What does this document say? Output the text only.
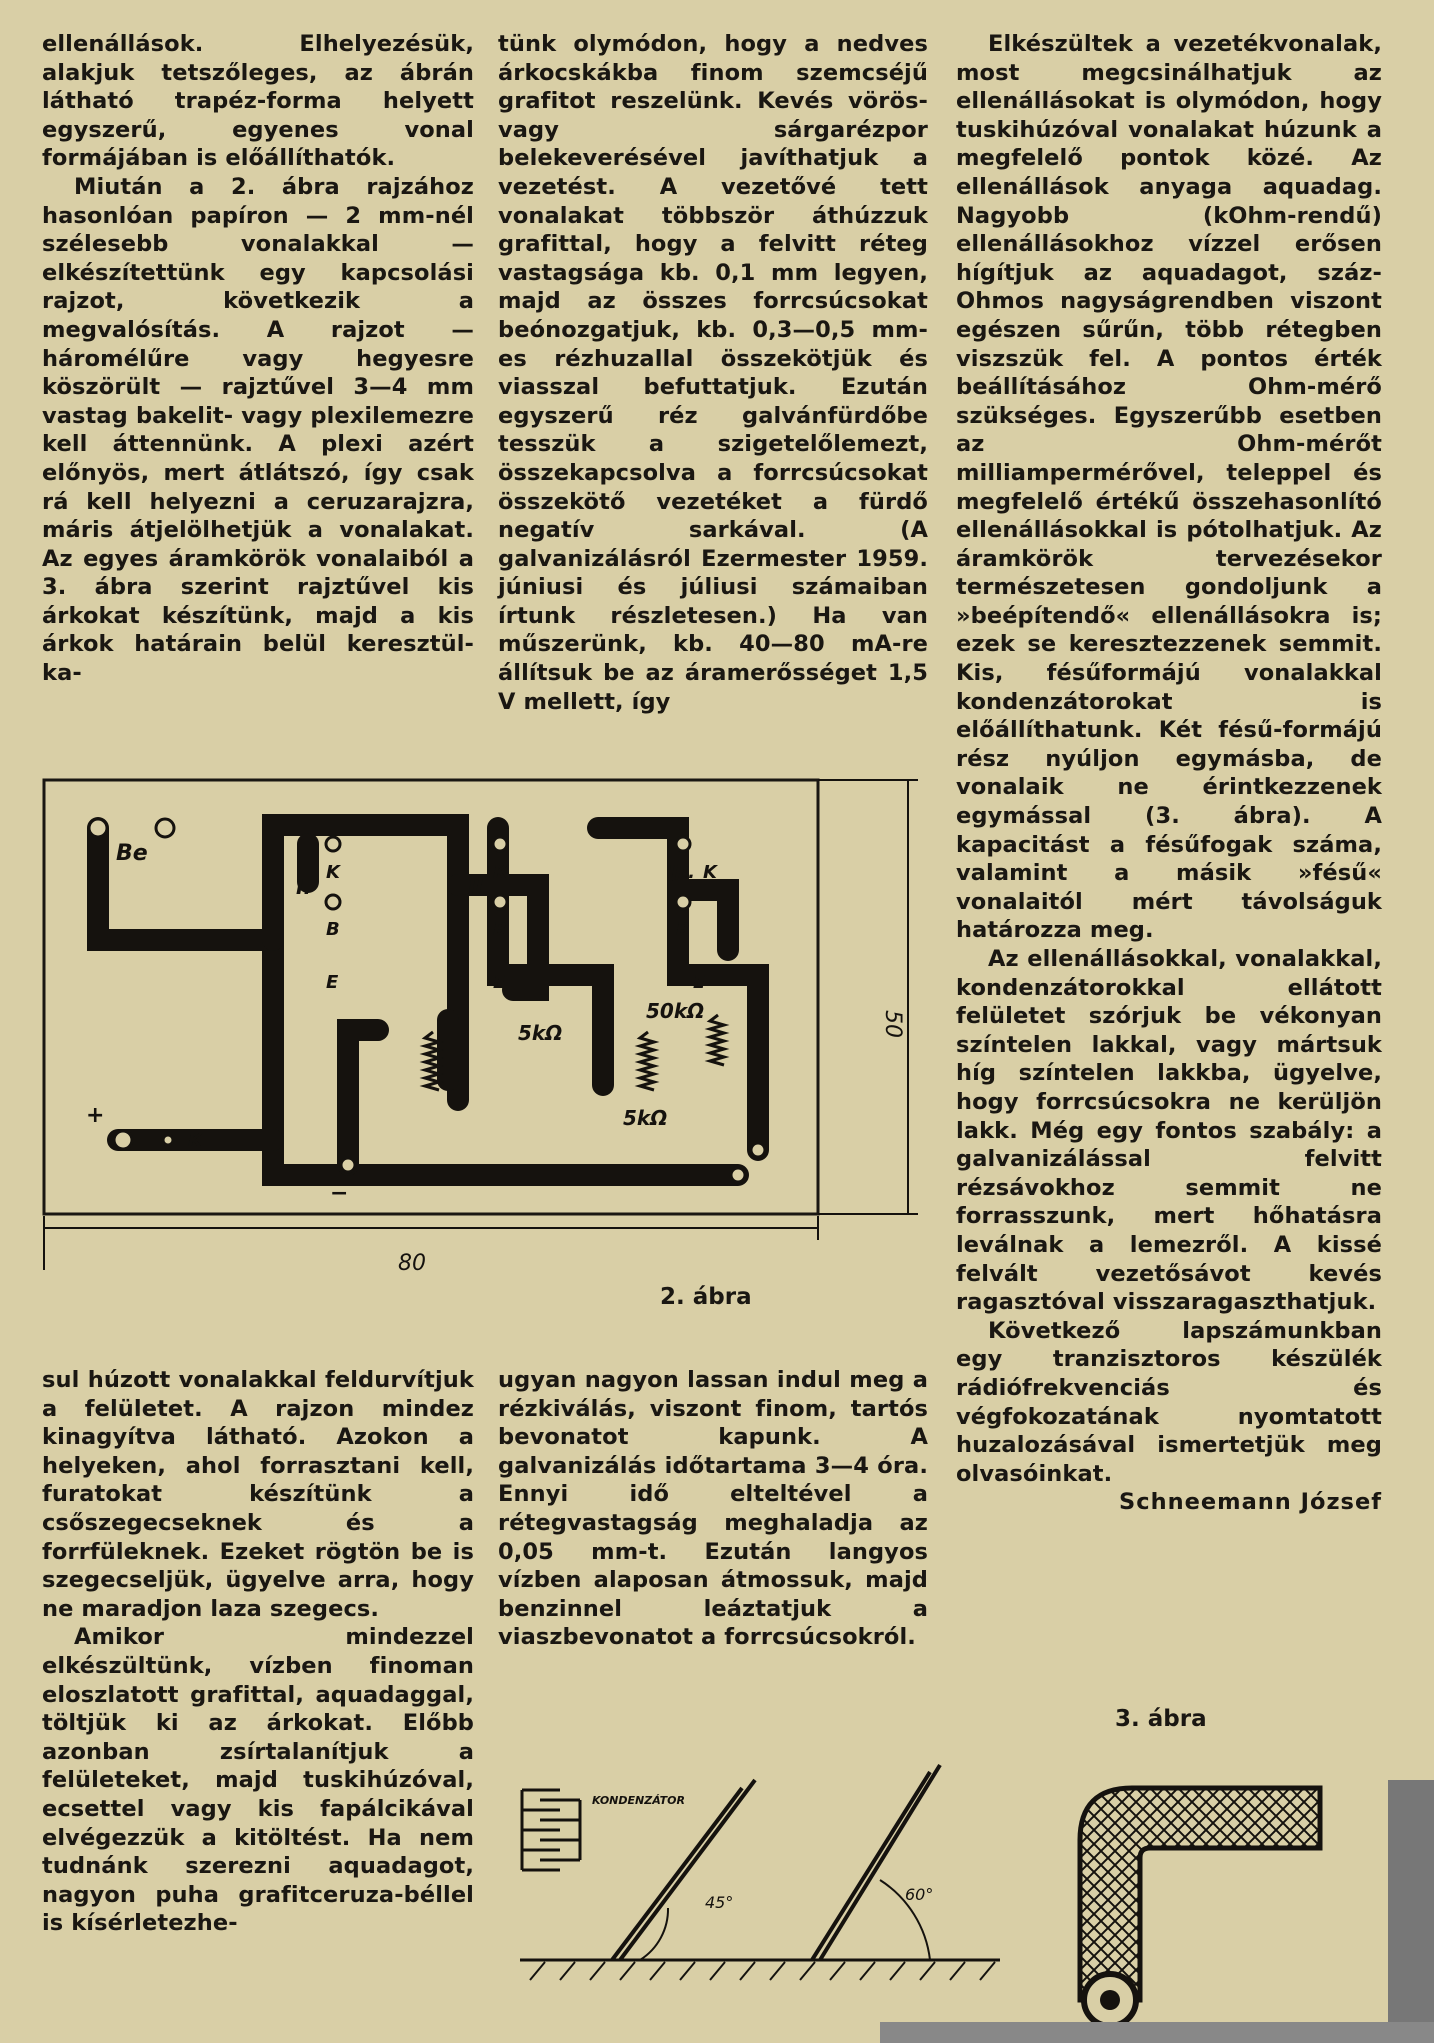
ellenállások. Elhelyezésük, alakjuk tetszőleges, az ábrán látható trapéz-forma helyett egyszerű, egyenes vonal formájában is előállíthatók.

Miután a 2. ábra rajzához hasonlóan papíron — 2 mm-nél szélesebb vonalakkal — elkészítettünk egy kapcsolási rajzot, következik a megvalósítás. A rajzot — háromélűre vagy hegyesre köszörült — rajztűvel 3—4 mm vastag bakelit- vagy plexilemezre kell áttennünk. A plexi azért előnyös, mert átlátszó, így csak rá kell helyezni a ceruzarajzra, máris átjelölhetjük a vonalakat. Az egyes áramkörök vonalaiból a 3. ábra szerint rajztűvel kis árkokat készítünk, majd a kis árkok határain belül keresztül-ka-

tünk olymódon, hogy a nedves árkocskákba finom szemcséjű grafitot reszelünk. Kevés vörös- vagy sárgarézpor belekeverésével javíthatjuk a vezetést. A vezetővé tett vonalakat többször áthúzzuk grafittal, hogy a felvitt réteg vastagsága kb. 0,1 mm legyen, majd az összes forrcsúcsokat beónozgatjuk, kb. 0,3—0,5 mm-es rézhuzallal összekötjük és viasszal befuttatjuk. Ezután egyszerű réz galvánfürdőbe tesszük a szigetelőlemezt, összekapcsolva a forrcsúcsokat összekötő vezetéket a fürdő negatív sarkával. (A galvanizálásról Ezermester 1959. júniusi és júliusi számaiban írtunk részletesen.) Ha van műszerünk, kb. 40—80 mA-re állítsuk be az áramerősséget 1,5 V mellett, így

Elkészültek a vezetékvonalak, most megcsinálhatjuk az ellenállásokat is olymódon, hogy tuskihúzóval vonalakat húzunk a megfelelő pontok közé. Az ellenállások anyaga aquadag. Nagyobb (kOhm-rendű) ellenállásokhoz vízzel erősen hígítjuk az aquadagot, száz-Ohmos nagyságrendben viszont egészen sűrűn, több rétegben viszszük fel. A pontos érték beállításához Ohm-mérő szükséges. Egyszerűbb esetben az Ohm-mérőt milliampermérővel, teleppel és megfelelő értékű összehasonlító ellenállásokkal is pótolhatjuk. Az áramkörök tervezésekor természetesen gondoljunk a »beépítendő« ellenállásokra is; ezek se keresztezzenek semmit. Kis, fésűformájú vonalakkal kondenzátorokat is előállíthatunk. Két fésű-formájú rész nyúljon egymásba, de vonalaik ne érintkezzenek egymással (3. ábra). A kapacitást a fésűfogak száma, valamint a másik »fésű« vonalaitól mért távolságuk határozza meg.

Az ellenállásokkal, vonalakkal, kondenzátorokkal ellátott felületet szórjuk be vékonyan színtelen lakkal, vagy mártsuk híg színtelen lakkba, ügyelve, hogy forrcsúcsokra ne kerüljön lakk. Még egy fontos szabály: a galvanizálással felvitt rézsávokhoz semmit ne forrasszunk, mert hőhatásra leválnak a lemezről. A kissé felvált vezetősávot kevés ragasztóval visszaragaszthatjuk.

Következő lapszámunkban egy tranzisztoros készülék rádiófrekvenciás és végfokozatának nyomtatott huzalozásával ismertetjük meg olvasóinkat.

Schneemann József

sul húzott vonalakkal feldurvítjuk a felületet. A rajzon mindez kinagyítva látható. Azokon a helyeken, ahol forrasztani kell, furatokat készítünk a csőszegecseknek és a forrfüleknek. Ezeket rögtön be is szegecseljük, ügyelve arra, hogy ne maradjon laza szegecs.

Amikor mindezzel elkészültünk, vízben finoman eloszlatott grafittal, aquadaggal, töltjük ki az árkokat. Előbb azonban zsírtalanítjuk a felületeket, majd tuskihúzóval, ecsettel vagy kis fapálcikával elvégezzük a kitöltést. Ha nem tudnánk szerezni aquadagot, nagyon puha grafitceruza-béllel is kísérletezhe-

ugyan nagyon lassan indul meg a rézkiválás, viszont finom, tartós bevonatot kapunk. A galvanizálás időtartama 3—4 óra. Ennyi idő elteltével a rétegvastagság meghaladja az 0,05 mm-t. Ezután langyos vízben alaposan átmossuk, majd benzinnel leáztatjuk a viaszbevonatot a forrcsúcsokról.

Be
I.
K
B
E
II
K
B
E
III. K
B
E
5kΩ
5kΩ
50kΩ
+
K
−
80
50
2. ábra
3. ábra
KONDENZÁTOR
45°	60°
